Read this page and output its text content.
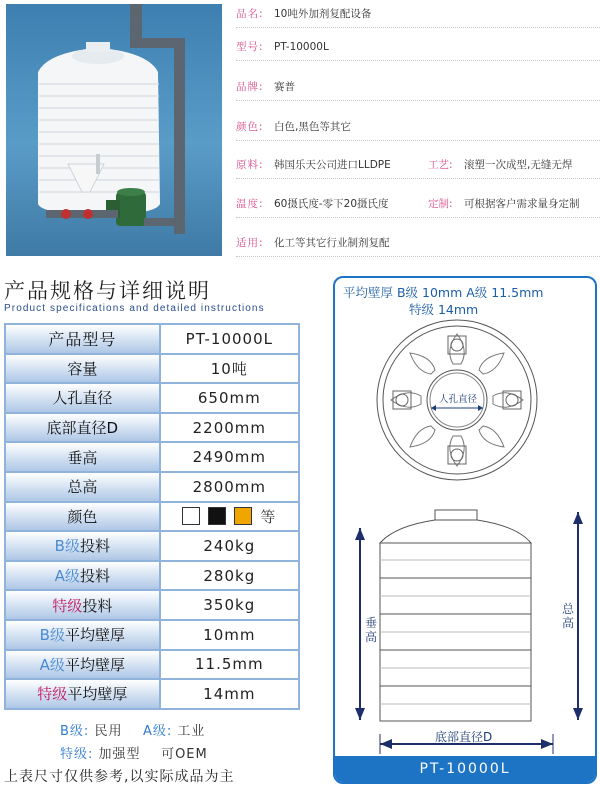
品名: 10吨外加剂复配设备
型号: PT-10000L
品牌: 赛普
颜色: 白色,黑色等其它
原料: 韩国乐天公司进口LLDPE	工艺: 滚塑一次成型,无缝无焊
温度: 60摄氏度-零下20摄氏度	定制: 可根据客户需求量身定制
适用: 化工等其它行业制剂复配
产品规格与详细说明
Product specifications and detailed instructions
产品型号	PT-10000L
容量	10吨
人孔直径	650mm
底部直径D	2200mm
垂高	2490mm
总高	2800mm
颜色	等
B级投料	240kg
A级投料	280kg
特级投料	350kg
B级平均壁厚	10mm
A级平均壁厚	11.5mm
特级平均壁厚	14mm
B级: 民用 A级: 工业
特级: 加强型 可OEM
上表尺寸仅供参考,以实际成品为主
平均壁厚 B级 10mm A级 11.5mm
特级 14mm
人孔直径
垂高
总高
底部直径D
PT-10000L
